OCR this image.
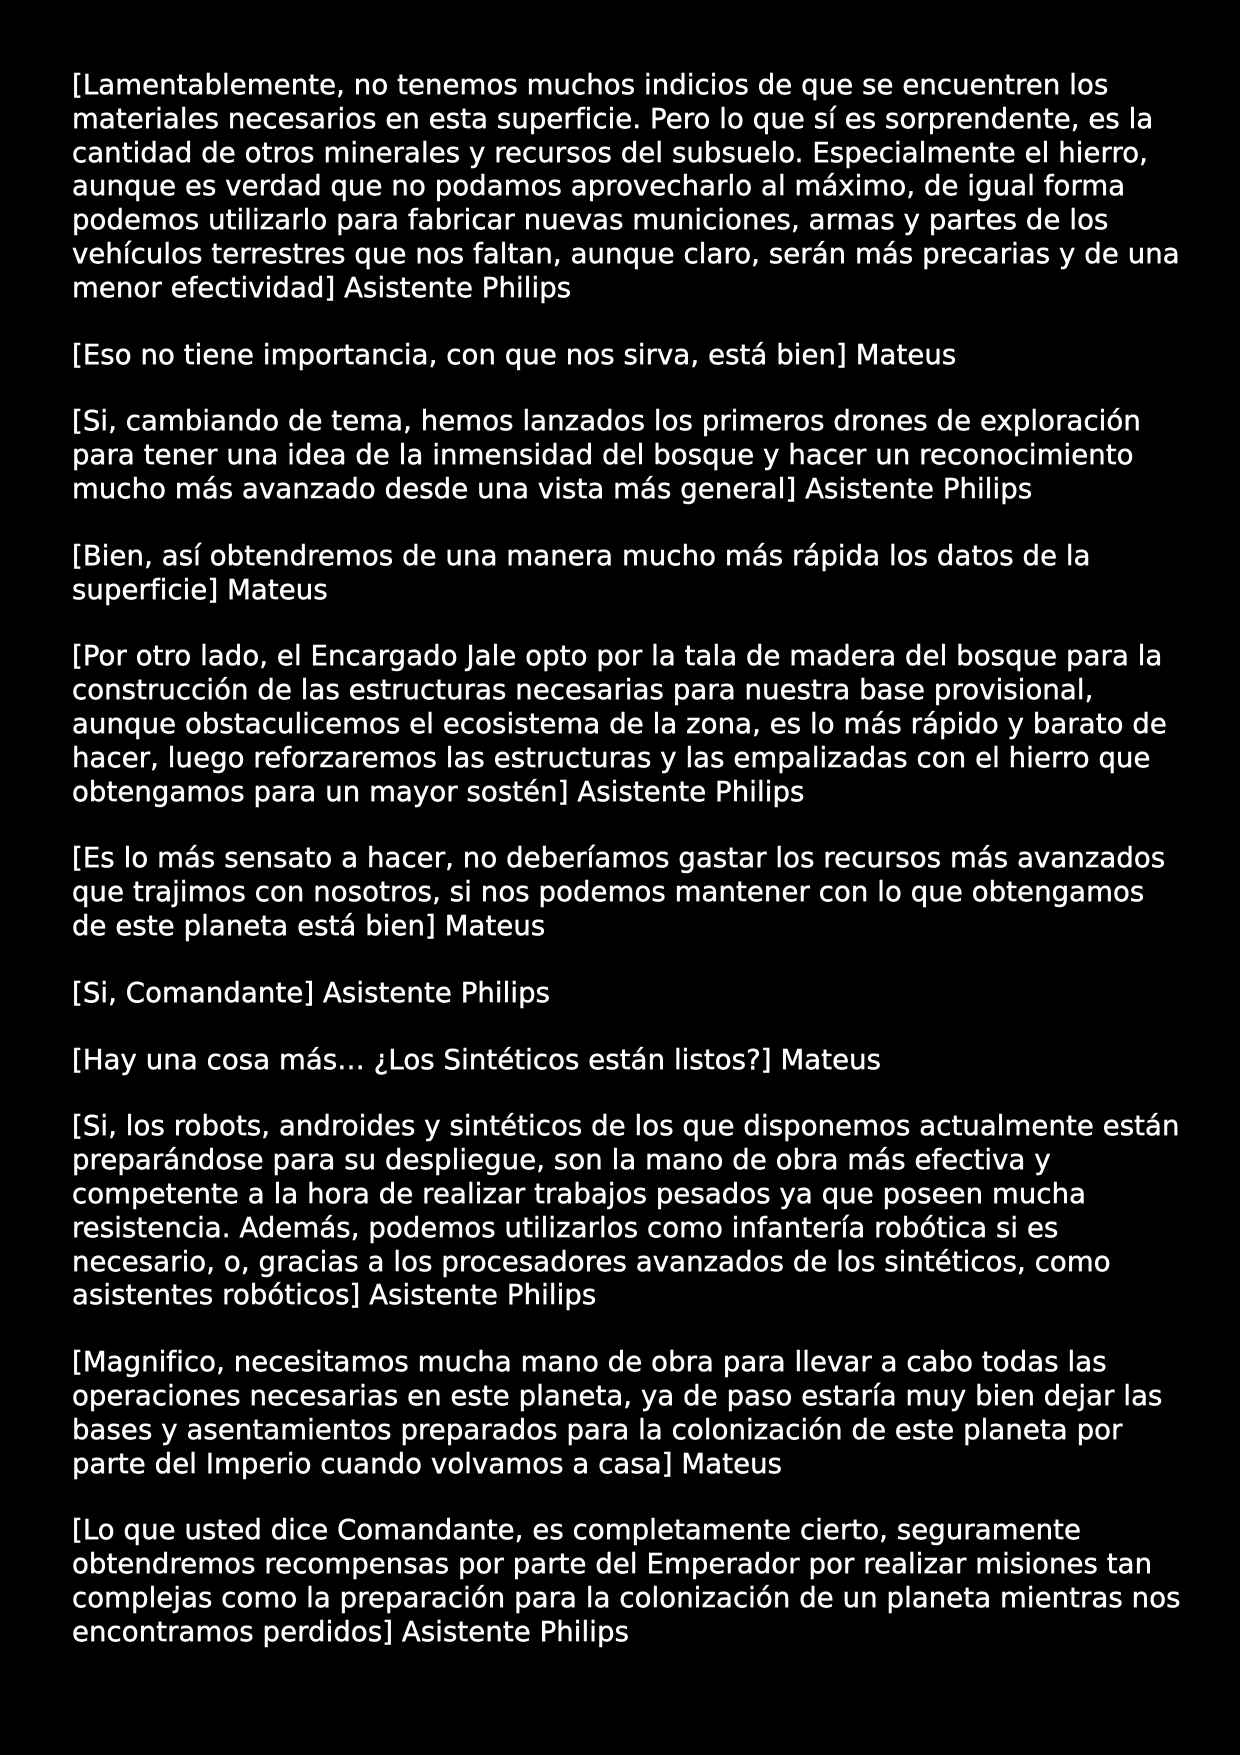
[Lamentablemente, no tenemos muchos indicios de que se encuentren los materiales necesarios en esta superficie. Pero lo que sí es sorprendente, es la cantidad de otros minerales y recursos del subsuelo. Especialmente el hierro, aunque es verdad que no podamos aprovecharlo al máximo, de igual forma podemos utilizarlo para fabricar nuevas municiones, armas y partes de los vehículos terrestres que nos faltan, aunque claro, serán más precarias y de una menor efectividad] Asistente Philips

[Eso no tiene importancia, con que nos sirva, está bien] Mateus

[Si, cambiando de tema, hemos lanzados los primeros drones de exploración para tener una idea de la inmensidad del bosque y hacer un reconocimiento mucho más avanzado desde una vista más general] Asistente Philips

[Bien, así obtendremos de una manera mucho más rápida los datos de la superficie] Mateus

[Por otro lado, el Encargado Jale opto por la tala de madera del bosque para la construcción de las estructuras necesarias para nuestra base provisional, aunque obstaculicemos el ecosistema de la zona, es lo más rápido y barato de hacer, luego reforzaremos las estructuras y las empalizadas con el hierro que obtengamos para un mayor sostén] Asistente Philips

[Es lo más sensato a hacer, no deberíamos gastar los recursos más avanzados que trajimos con nosotros, si nos podemos mantener con lo que obtengamos de este planeta está bien] Mateus

[Si, Comandante] Asistente Philips

[Hay una cosa más… ¿Los Sintéticos están listos?] Mateus

[Si, los robots, androides y sintéticos de los que disponemos actualmente están preparándose para su despliegue, son la mano de obra más efectiva y competente a la hora de realizar trabajos pesados ya que poseen mucha resistencia. Además, podemos utilizarlos como infantería robótica si es necesario, o, gracias a los procesadores avanzados de los sintéticos, como asistentes robóticos] Asistente Philips

[Magnifico, necesitamos mucha mano de obra para llevar a cabo todas las operaciones necesarias en este planeta, ya de paso estaría muy bien dejar las bases y asentamientos preparados para la colonización de este planeta por parte del Imperio cuando volvamos a casa] Mateus

[Lo que usted dice Comandante, es completamente cierto, seguramente obtendremos recompensas por parte del Emperador por realizar misiones tan complejas como la preparación para la colonización de un planeta mientras nos encontramos perdidos] Asistente Philips
